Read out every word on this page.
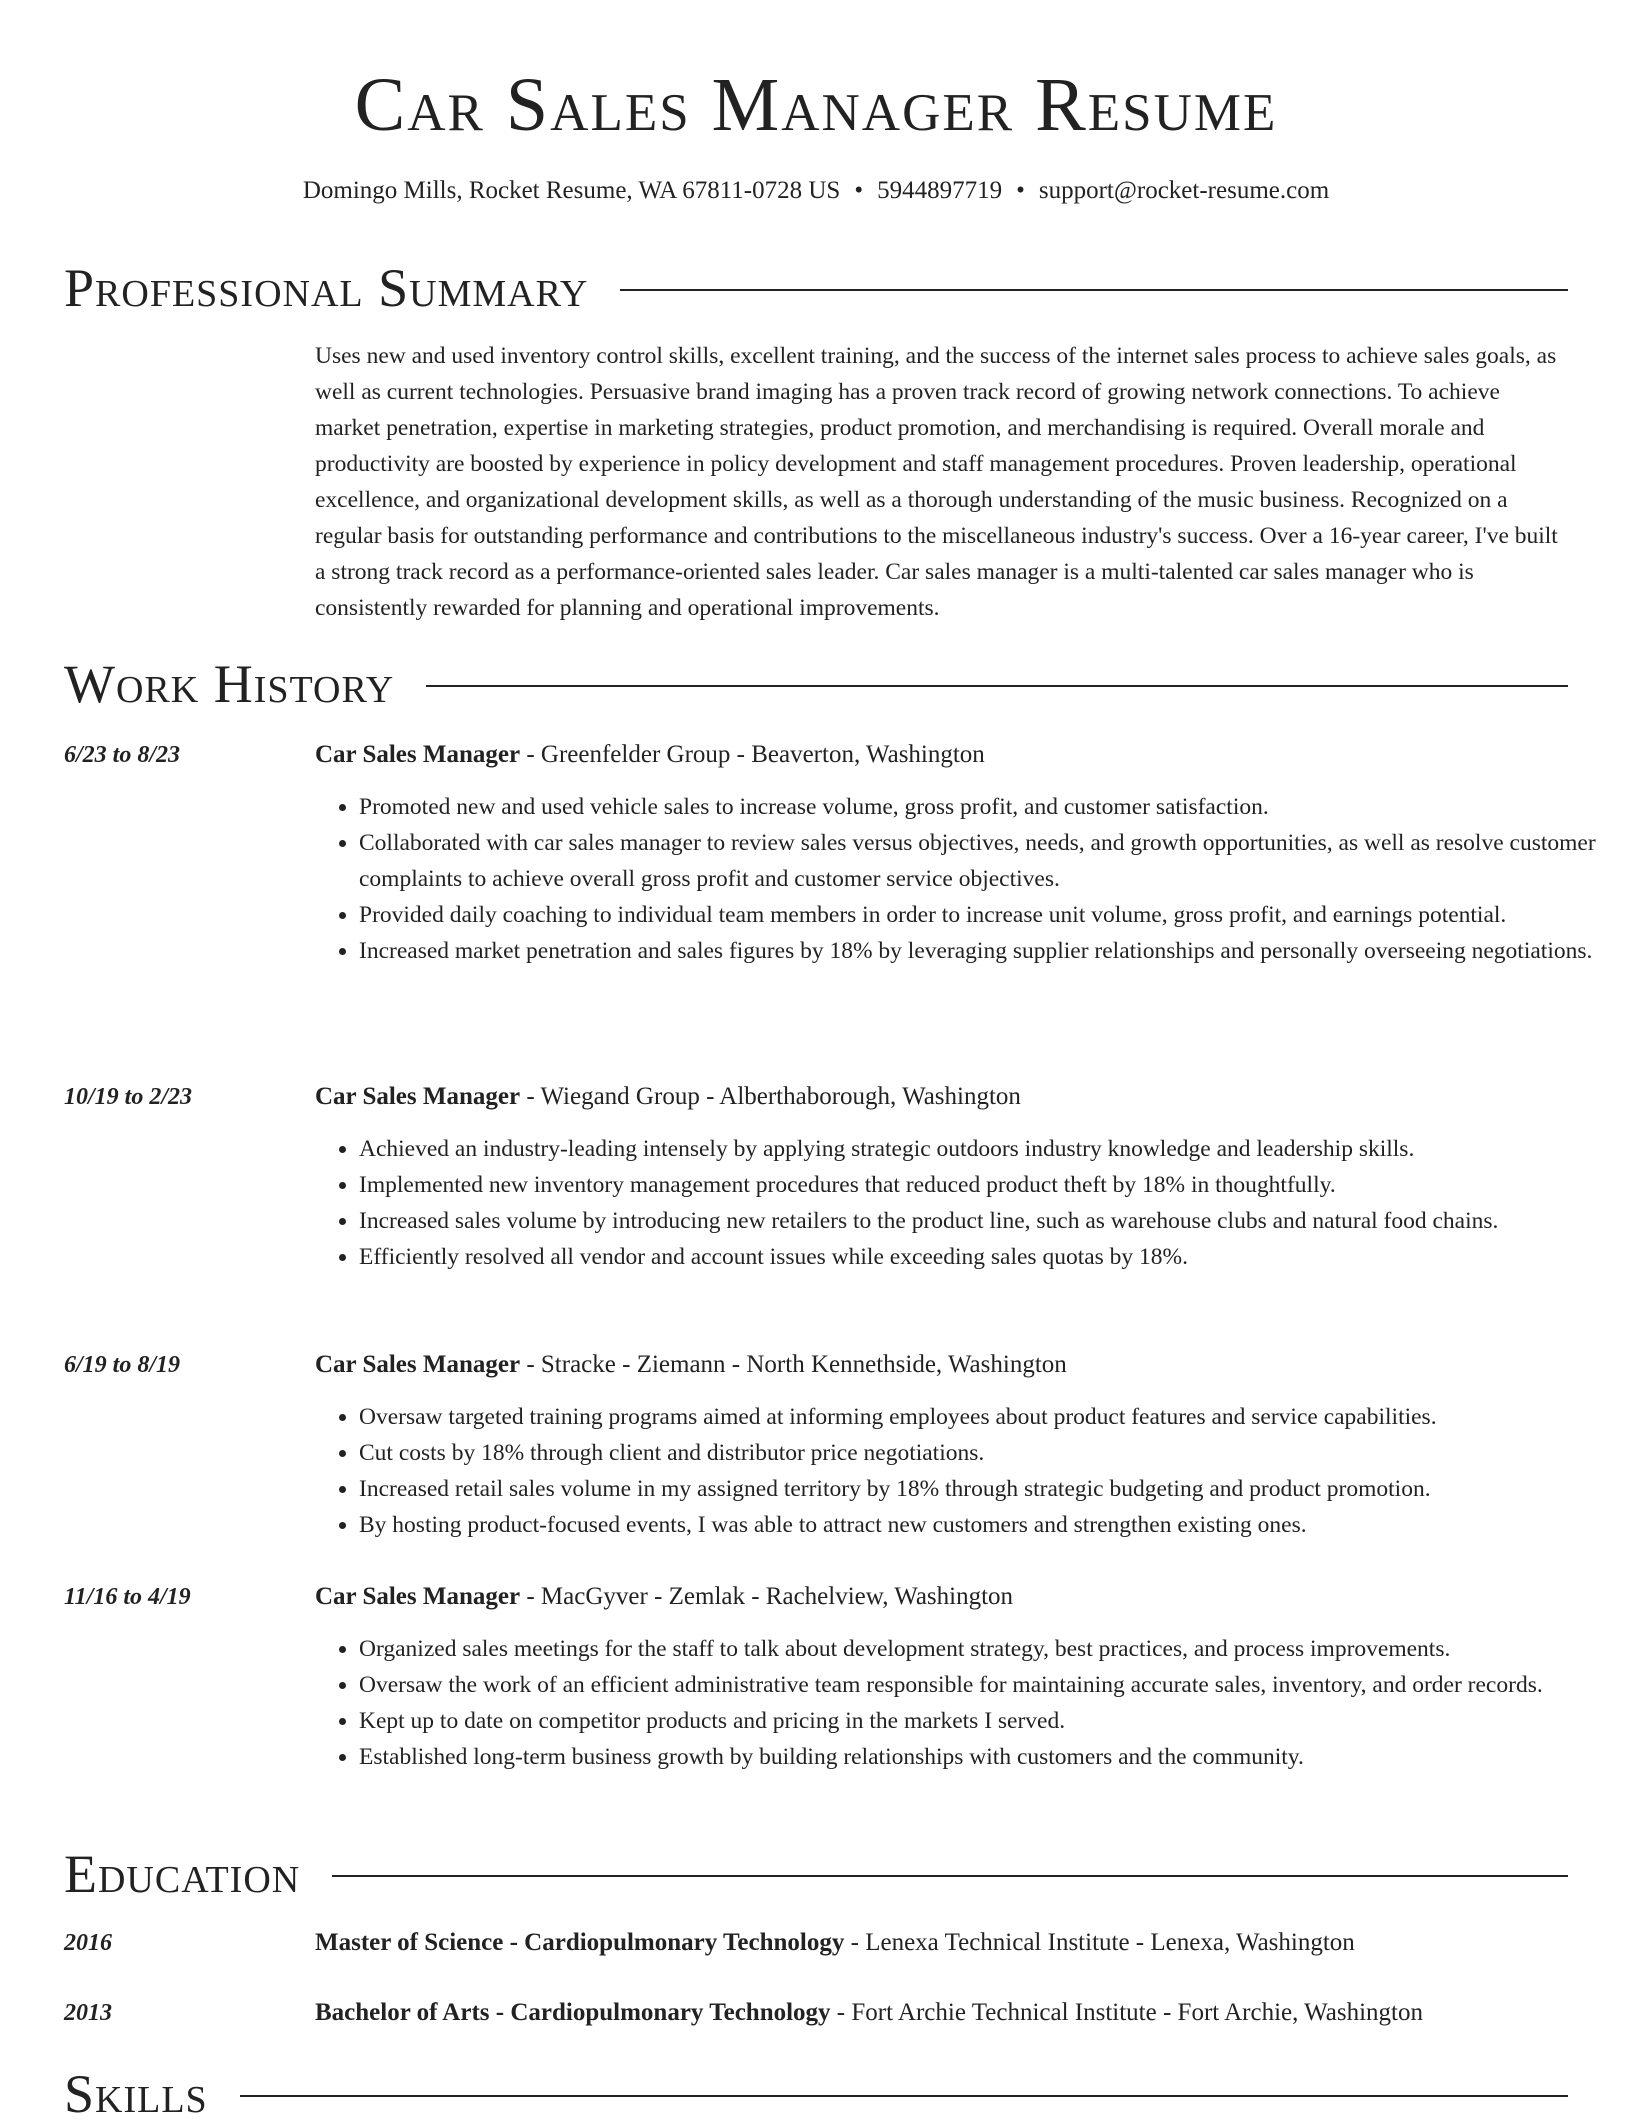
Car Sales Manager Resume
Domingo Mills, Rocket Resume, WA 67811-0728 US • 5944897719 • support@rocket-resume.com
Professional Summary

Uses new and used inventory control skills, excellent training, and the success of the internet sales process to achieve sales goals, as well as current technologies. Persuasive brand imaging has a proven track record of growing network connections. To achieve market penetration, expertise in marketing strategies, product promotion, and merchandising is required. Overall morale and productivity are boosted by experience in policy development and staff management procedures. Proven leadership, operational excellence, and organizational development skills, as well as a thorough understanding of the music business. Recognized on a regular basis for outstanding performance and contributions to the miscellaneous industry's success. Over a 16-year career, I've built a strong track record as a performance-oriented sales leader. Car sales manager is a multi-talented car sales manager who is consistently rewarded for planning and operational improvements.

Work History
6/23 to 8/23	Car Sales Manager - Greenfelder Group - Beaverton, Washington
• Promoted new and used vehicle sales to increase volume, gross profit, and customer satisfaction.
• Collaborated with car sales manager to review sales versus objectives, needs, and growth opportunities, as well as resolve customer complaints to achieve overall gross profit and customer service objectives.
• Provided daily coaching to individual team members in order to increase unit volume, gross profit, and earnings potential.
• Increased market penetration and sales figures by 18% by leveraging supplier relationships and personally overseeing negotiations.
10/19 to 2/23	Car Sales Manager - Wiegand Group - Alberthaborough, Washington
• Achieved an industry-leading intensely by applying strategic outdoors industry knowledge and leadership skills.
• Implemented new inventory management procedures that reduced product theft by 18% in thoughtfully.
• Increased sales volume by introducing new retailers to the product line, such as warehouse clubs and natural food chains.
• Efficiently resolved all vendor and account issues while exceeding sales quotas by 18%.
6/19 to 8/19	Car Sales Manager - Stracke - Ziemann - North Kennethside, Washington
• Oversaw targeted training programs aimed at informing employees about product features and service capabilities.
• Cut costs by 18% through client and distributor price negotiations.
• Increased retail sales volume in my assigned territory by 18% through strategic budgeting and product promotion.
• By hosting product-focused events, I was able to attract new customers and strengthen existing ones.
11/16 to 4/19	Car Sales Manager - MacGyver - Zemlak - Rachelview, Washington
• Organized sales meetings for the staff to talk about development strategy, best practices, and process improvements.
• Oversaw the work of an efficient administrative team responsible for maintaining accurate sales, inventory, and order records.
• Kept up to date on competitor products and pricing in the markets I served.
• Established long-term business growth by building relationships with customers and the community.
Education
2016	Master of Science - Cardiopulmonary Technology - Lenexa Technical Institute - Lenexa, Washington
2013	Bachelor of Arts - Cardiopulmonary Technology - Fort Archie Technical Institute - Fort Archie, Washington
Skills
